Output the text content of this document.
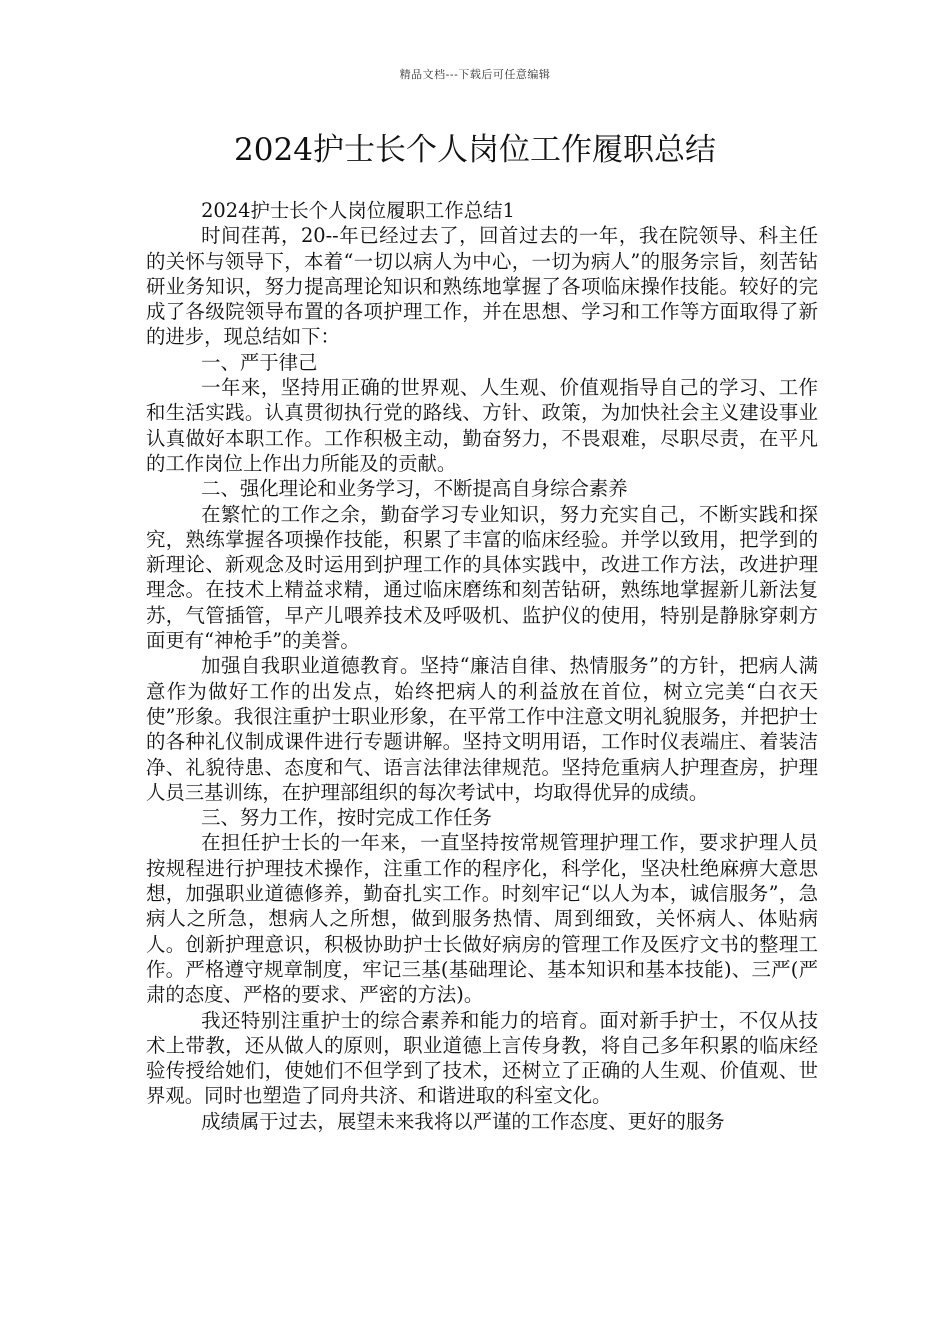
精品文档---下载后可任意编辑
2024护士长个人岗位工作履职总结

2024护士长个人岗位履职工作总结1

时间荏苒，20--年已经过去了，回首过去的一年，我在院领导、科主任的关怀与领导下，本着“一切以病人为中心，一切为病人”的服务宗旨，刻苦钻研业务知识，努力提高理论知识和熟练地掌握了各项临床操作技能。较好的完成了各级院领导布置的各项护理工作，并在思想、学习和工作等方面取得了新的进步，现总结如下：

一、严于律己

一年来，坚持用正确的世界观、人生观、价值观指导自己的学习、工作和生活实践。认真贯彻执行党的路线、方针、政策，为加快社会主义建设事业认真做好本职工作。工作积极主动，勤奋努力，不畏艰难，尽职尽责，在平凡的工作岗位上作出力所能及的贡献。

二、强化理论和业务学习，不断提高自身综合素养

在繁忙的工作之余，勤奋学习专业知识，努力充实自己，不断实践和探究，熟练掌握各项操作技能，积累了丰富的临床经验。并学以致用，把学到的新理论、新观念及时运用到护理工作的具体实践中，改进工作方法，改进护理理念。在技术上精益求精，通过临床磨练和刻苦钻研，熟练地掌握新儿新法复苏，气管插管，早产儿喂养技术及呼吸机、监护仪的使用，特别是静脉穿刺方面更有“神枪手”的美誉。

加强自我职业道德教育。坚持“廉洁自律、热情服务”的方针，把病人满意作为做好工作的出发点，始终把病人的利益放在首位，树立完美“白衣天使”形象。我很注重护士职业形象，在平常工作中注意文明礼貌服务，并把护士的各种礼仪制成课件进行专题讲解。坚持文明用语，工作时仪表端庄、着装洁净、礼貌待患、态度和气、语言法律法律规范。坚持危重病人护理查房，护理人员三基训练，在护理部组织的每次考试中，均取得优异的成绩。

三、努力工作，按时完成工作任务

在担任护士长的一年来，一直坚持按常规管理护理工作，要求护理人员按规程进行护理技术操作，注重工作的程序化，科学化，坚决杜绝麻痹大意思想，加强职业道德修养，勤奋扎实工作。时刻牢记“以人为本，诚信服务”，急病人之所急，想病人之所想，做到服务热情、周到细致，关怀病人、体贴病人。创新护理意识，积极协助护士长做好病房的管理工作及医疗文书的整理工作。严格遵守规章制度，牢记三基(基础理论、基本知识和基本技能)、三严(严肃的态度、严格的要求、严密的方法)。

我还特别注重护士的综合素养和能力的培育。面对新手护士，不仅从技术上带教，还从做人的原则，职业道德上言传身教，将自己多年积累的临床经验传授给她们，使她们不但学到了技术，还树立了正确的人生观、价值观、世界观。同时也塑造了同舟共济、和谐进取的科室文化。

成绩属于过去，展望未来我将以严谨的工作态度、更好的服务
